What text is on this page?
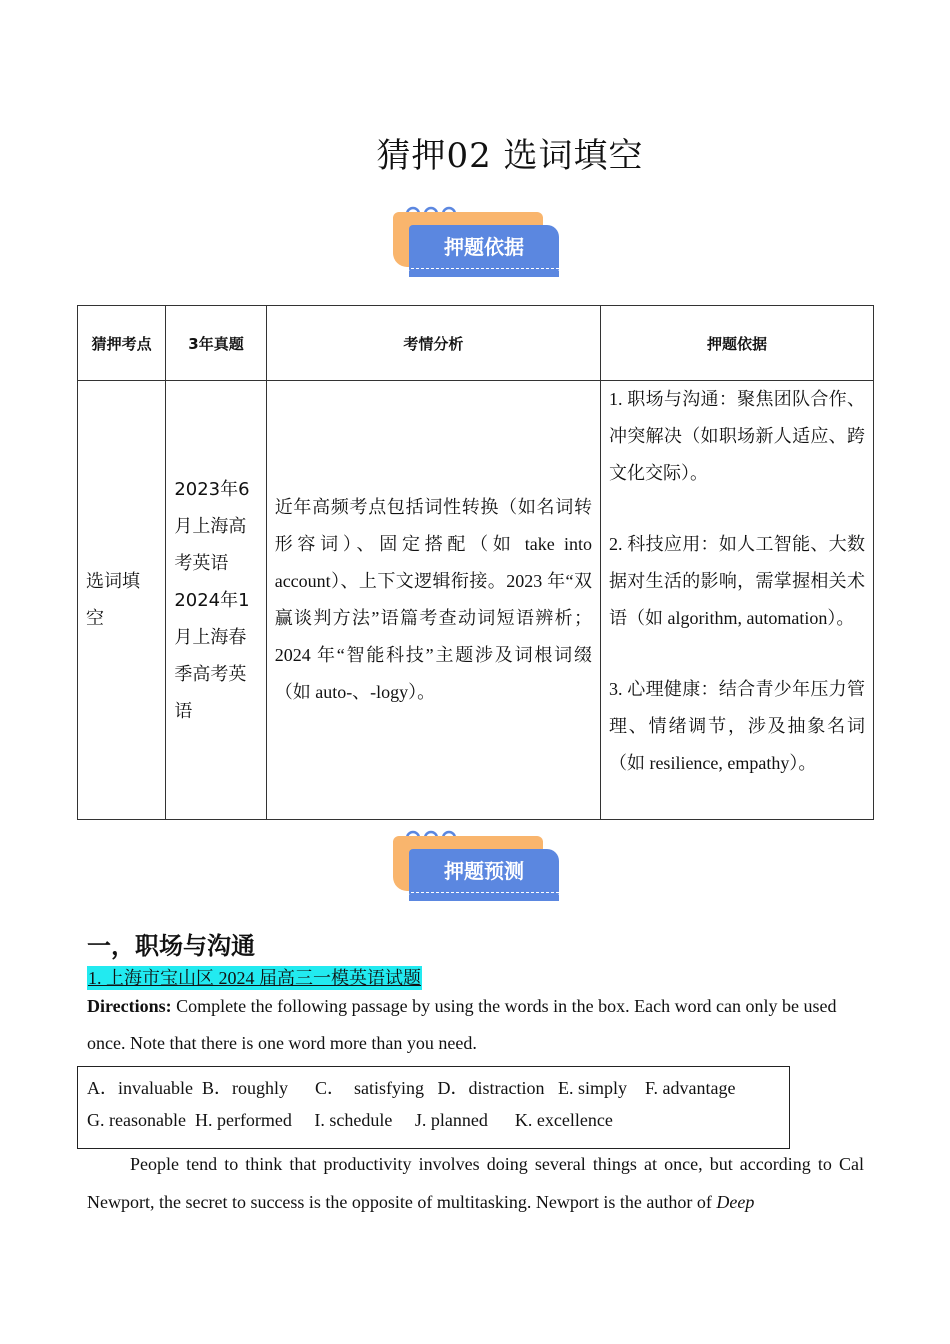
猜押02 选词填空
押题依据
猜押考点	3年真题	考情分析	押题依据
选词填空	2023年6月上海高考英语 2024年1月上海春季高考英语	近年高频考点包括词性转换（如名词转形容词）、固定搭配（如 take into account）、上下文逻辑衔接。2023 年“双赢谈判方法”语篇考查动词短语辨析；2024 年“智能科技”主题涉及词根词缀（如 auto-、-logy）。	1. 职场与沟通：聚焦团队合作、冲突解决（如职场新人适应、跨文化交际）。

2. 科技应用：如人工智能、大数据对生活的影响，需掌握相关术语（如 algorithm, automation）。

3. 心理健康：结合青少年压力管理、情绪调节，涉及抽象名词（如 resilience, empathy）。

押题预测
一，职场与沟通
1. 上海市宝山区 2024 届高三一模英语试题
Directions: Complete the following passage by using the words in the box. Each word can only be used once. Note that there is one word more than you need.
A．invaluable  B．roughly      C．  satisfying   D．distraction   E. simply    F. advantage
G. reasonable  H. performed     I. schedule     J. planned      K. excellence
People tend to think that productivity involves doing several things at once, but according to Cal Newport, the secret to success is the opposite of multitasking. Newport is the author of Deep
